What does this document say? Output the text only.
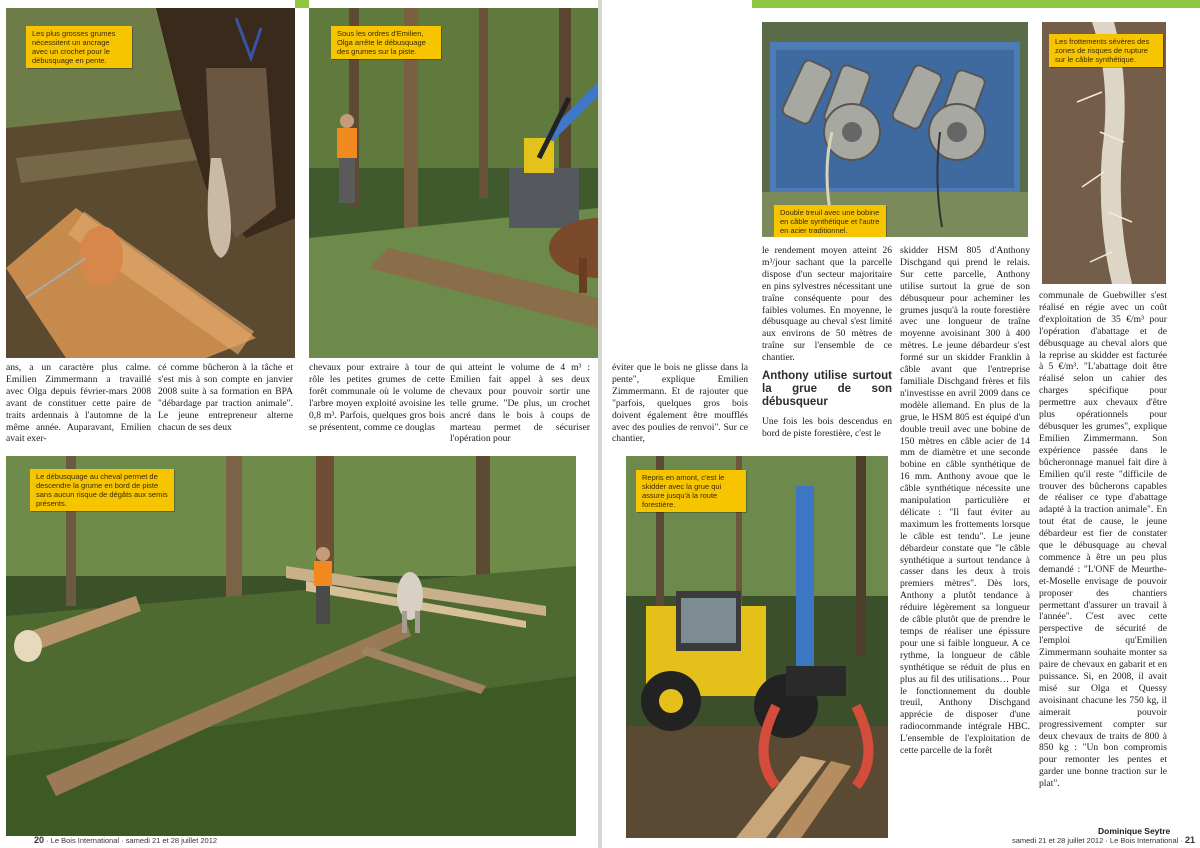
Les plus grosses grumes nécessitent un ancrage avec un crochet pour le débusquage en pente.
Sous les ordres d'Emilien, Olga arrête le débusquage des grumes sur la piste.

ans, a un caractère plus calme. Emilien Zimmermann a travaillé avec Olga depuis février-mars 2008 avant de constituer cette paire de traits ardennais à l'automne de la même année. Auparavant, Emilien avait exer-

cé comme bûcheron à la tâche et s'est mis à son compte en janvier 2008 suite à sa formation en BPA "débardage par traction animale". Le jeune entrepreneur alterne chacun de ses deux

chevaux pour extraire à tour de rôle les petites grumes de cette forêt communale où le volume de l'arbre moyen exploité avoisine les 0,8 m³. Parfois, quelques gros bois se présentent, comme ce douglas

qui atteint le volume de 4 m³ : Emilien fait appel à ses deux chevaux pour pouvoir sortir une telle grume. "De plus, un crochet ancré dans le bois à coups de marteau permet de sécuriser l'opération pour

Le débusquage au cheval permet de descendre la grume en bord de piste sans aucun risque de dégâts aux semis présents.
20 · Le Bois International · samedi 21 et 28 juillet 2012

éviter que le bois ne glisse dans la pente", explique Emilien Zimmermann. Et de rajouter que "parfois, quelques gros bois doivent également être moufflés avec des poulies de renvoi". Sur ce chantier,

Double treuil avec une bobine en câble synthétique et l'autre en acier traditionnel.
Les frottements sévères des zones de risques de rupture sur le câble synthétique.

le rendement moyen atteint 26 m³/jour sachant que la parcelle dispose d'un secteur majoritaire en pins sylvestres nécessitant une traîne conséquente pour des faibles volumes. En moyenne, le débusquage au cheval s'est limité aux environs de 50 mètres de traîne sur l'ensemble de ce chantier.

Anthony utilise surtout la grue de son débusqueur

Une fois les bois descendus en bord de piste forestière, c'est le

skidder HSM 805 d'Anthony Dischgand qui prend le relais. Sur cette parcelle, Anthony utilise surtout la grue de son débusqueur pour acheminer les grumes jusqu'à la route forestière avec une longueur de traîne moyenne avoisinant 300 à 400 mètres. Le jeune débardeur s'est formé sur un skidder Franklin à câble avant que l'entreprise familiale Dischgand frères et fils n'investisse en avril 2009 dans ce modèle allemand. En plus de la grue, le HSM 805 est équipé d'un double treuil avec une bobine de 150 mètres en câble acier de 14 mm de diamètre et une seconde bobine en câble synthétique de 16 mm. Anthony avoue que le câble synthétique nécessite une manipulation particulière et délicate : "Il faut éviter au maximum les frottements lorsque le câble est tendu". Le jeune débardeur constate que "le câble synthétique a surtout tendance à casser dans les deux à trois premiers mètres". Dès lors, Anthony a plutôt tendance à réduire légèrement sa longueur de câble plutôt que de prendre le temps de réaliser une épissure pour une si faible longueur. A ce rythme, la longueur de câble synthétique se réduit de plus en plus au fil des utilisations… Pour le fonctionnement du double treuil, Anthony Dischgand apprécie de disposer d'une radiocommande intégrale HBC. L'ensemble de l'exploitation de cette parcelle de la forêt

communale de Guebwiller s'est réalisé en régie avec un coût d'exploitation de 35 €/m³ pour l'opération d'abattage et de débusquage au cheval alors que la reprise au skidder est facturée à 5 €/m³. "L'abattage doit être réalisé selon un cahier des charges spécifique pour permettre aux chevaux d'être plus opérationnels pour débusquer les grumes", explique Emilien Zimmermann. Son expérience passée dans le bûcheronnage manuel fait dire à Emilien qu'il reste "difficile de trouver des bûcherons capables de réaliser ce type d'abattage adapté à la traction animale". En tout état de cause, le jeune débardeur est fier de constater que le débusquage au cheval commence à être un peu plus demandé : "L'ONF de Meurthe-et-Moselle envisage de pouvoir proposer des chantiers permettant d'assurer un travail à l'année". C'est avec cette perspective de sécurité de l'emploi qu'Emilien Zimmermann souhaite monter sa paire de chevaux en gabarit et en puissance. Si, en 2008, il avait misé sur Olga et Quessy avoisinant chacune les 750 kg, il aimerait pouvoir progressivement compter sur deux chevaux de traits de 800 à 850 kg : "Un bon compromis pour remonter les pentes et garder une bonne traction sur le plat".

Dominique Seytre
Repris en amont, c'est le skidder avec la grue qui assure jusqu'à la route forestière.
samedi 21 et 28 juillet 2012 · Le Bois International · 21
